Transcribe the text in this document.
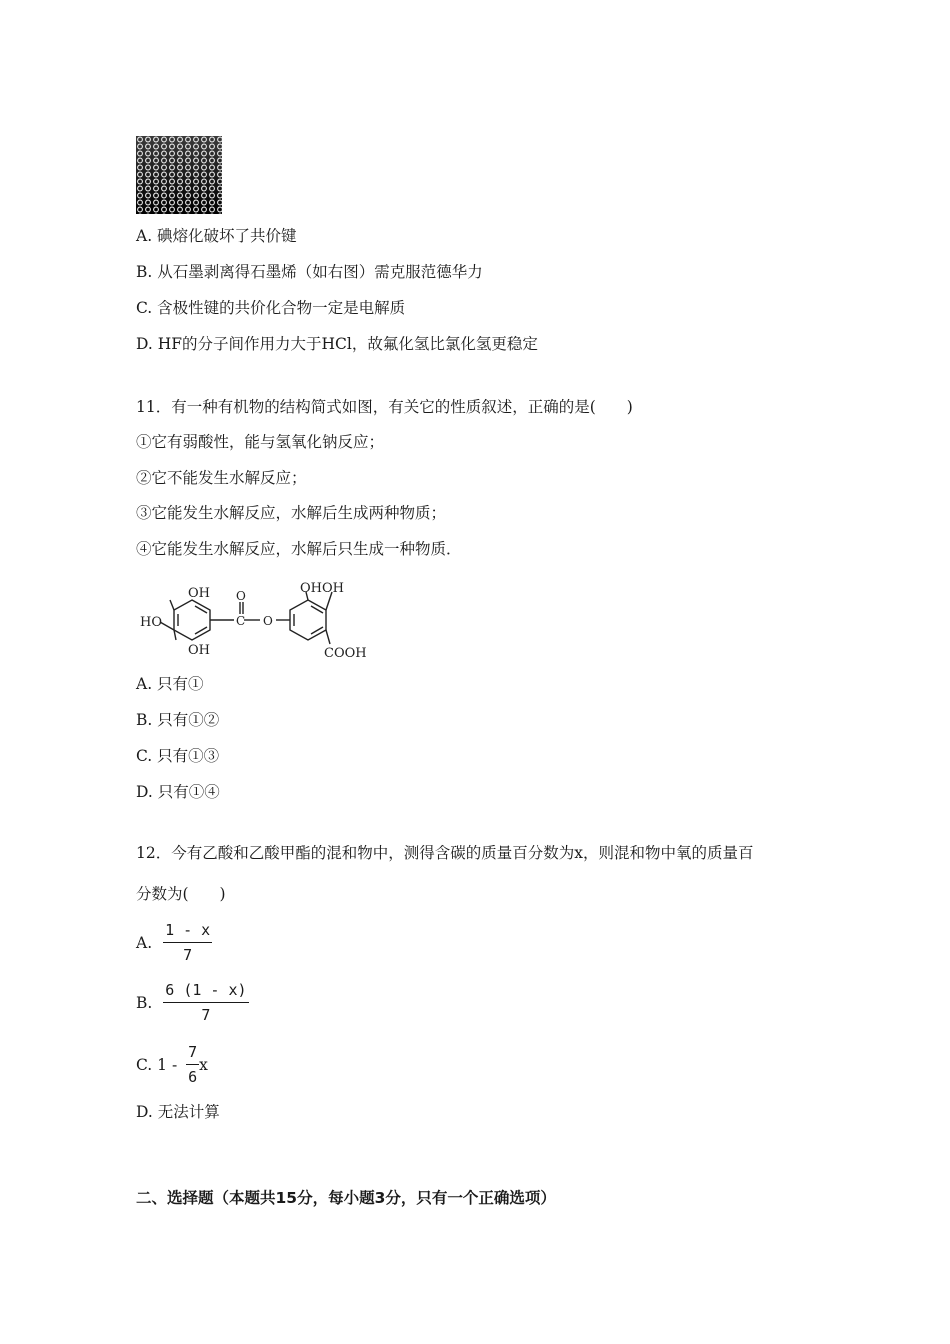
A. 碘熔化破坏了共价键
B. 从石墨剥离得石墨烯（如右图）需克服范德华力
C. 含极性键的共价化合物一定是电解质
D. HF的分子间作用力大于HCl，故氟化氢比氯化氢更稳定
11．有一种有机物的结构简式如图，有关它的性质叙述，正确的是(　　)
①它有弱酸性，能与氢氧化钠反应；
②它不能发生水解反应；
③它能发生水解反应，水解后生成两种物质；
④它能发生水解反应，水解后只生成一种物质．
OH
HO
OH
O
C O
OHOH
COOH
A. 只有①
B. 只有①②
C. 只有①③
D. 只有①④
12．今有乙酸和乙酸甲酯的混和物中，测得含碳的质量百分数为x，则混和物中氧的质量百
分数为(　　)
A. $\frac{1 - x}{7}$
B. $\frac{6 (1 - x)}{7}$
C. $1 - \frac{7}{6}$ x
D. 无法计算
二、选择题（本题共15分，每小题3分，只有一个正确选项）
